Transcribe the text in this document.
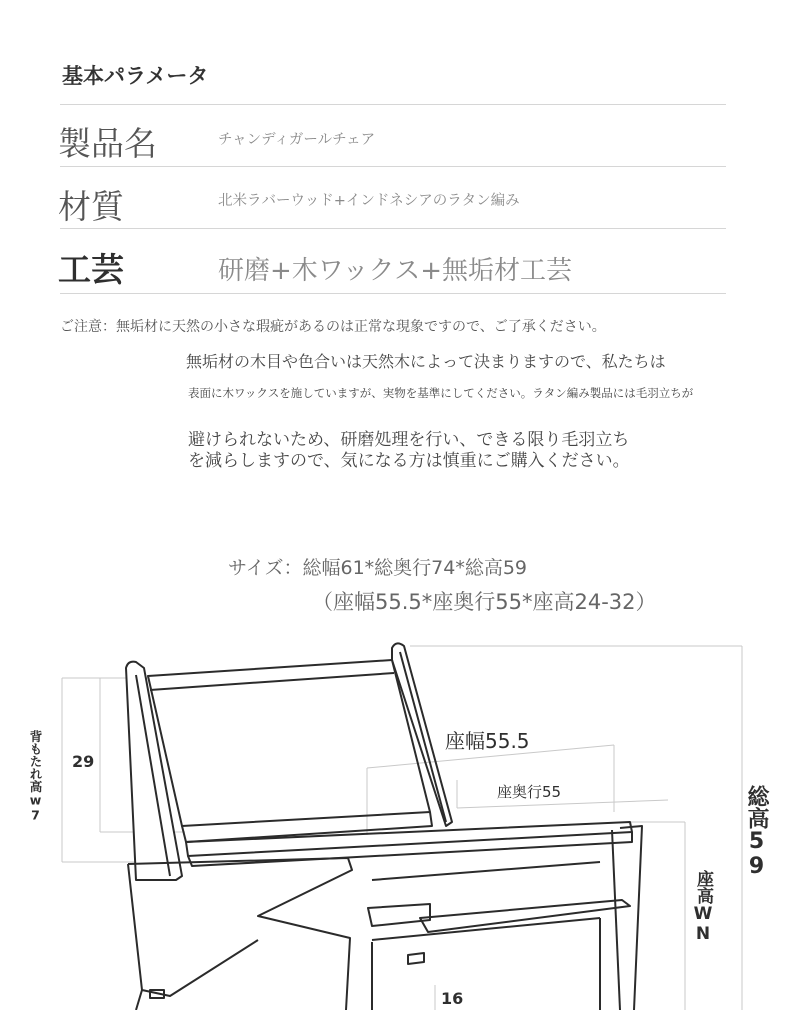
基本パラメータ
製品名	チャンディガールチェア
材質	北米ラバーウッド+インドネシアのラタン編み
工芸	研磨+木ワックス+無垢材工芸
ご注意：無垢材に天然の小さな瑕疵があるのは正常な現象ですので、ご了承ください。
無垢材の木目や色合いは天然木によって決まりますので、私たちは
表面に木ワックスを施していますが、実物を基準にしてください。ラタン編み製品には毛羽立ちが
避けられないため、研磨処理を行い、できる限り毛羽立ち
を減らしますので、気になる方は慎重にご購入ください。
サイズ：総幅61*総奥行74*総高59
（座幅55.5*座奥行55*座高24-32）
29
座幅55.5
座奥行55
16
背もたれ高w7
総高59
座高WN
